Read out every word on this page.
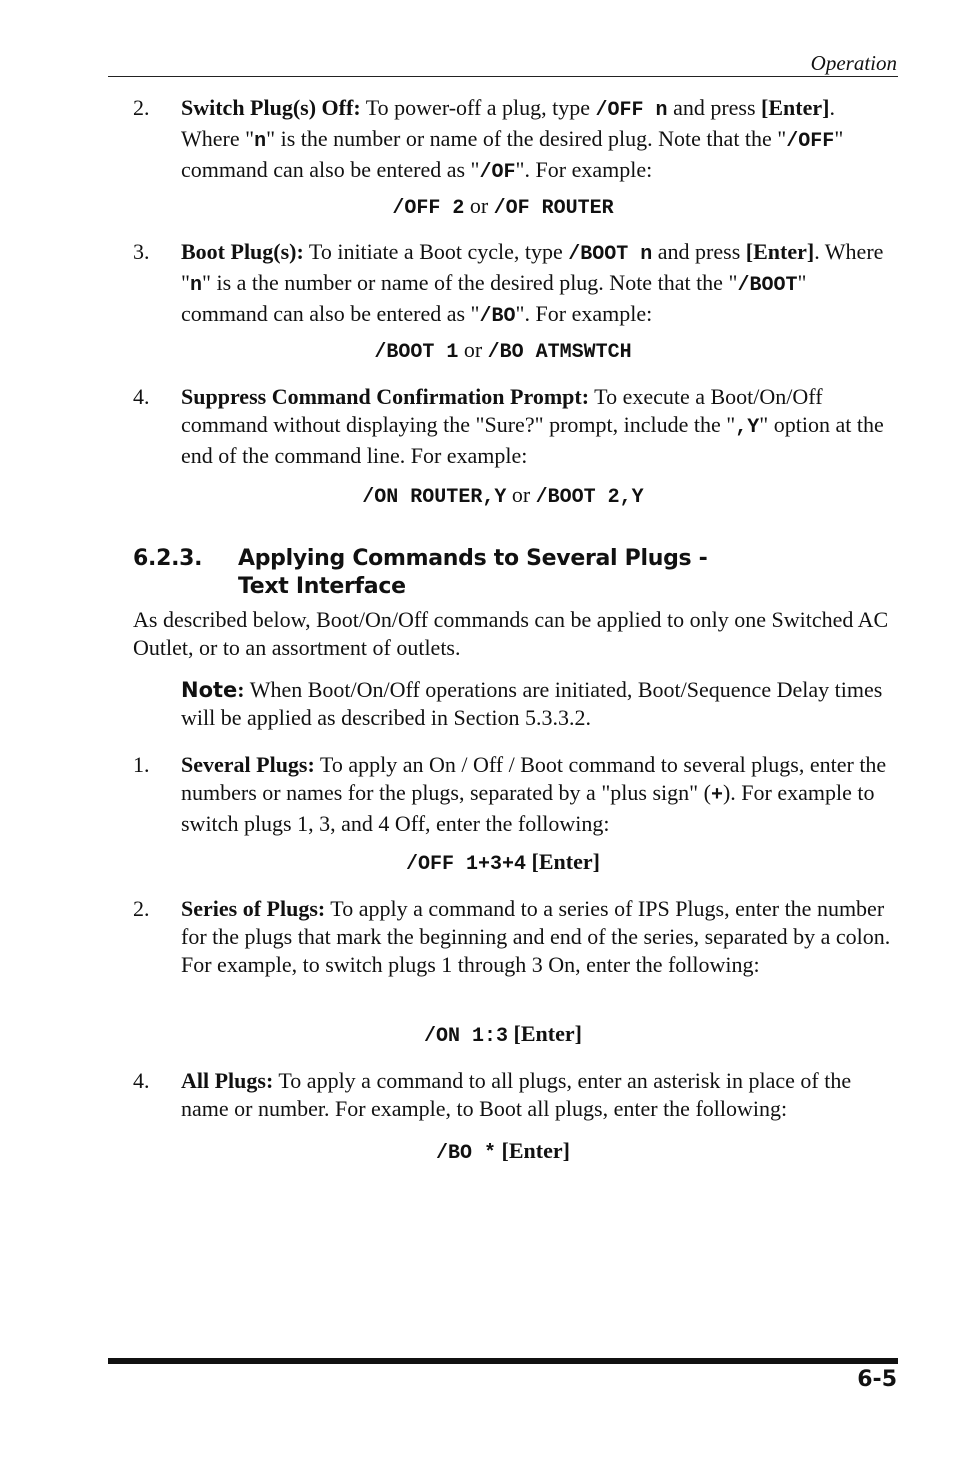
Operation
2. Switch Plug(s) Off: To power-off a plug, type /OFF n and press [Enter]. Where "n" is the number or name of the desired plug. Note that the "/OFF" command can also be entered as "/OF". For example:
/OFF 2 or /OF ROUTER
3. Boot Plug(s): To initiate a Boot cycle, type /BOOT n and press [Enter]. Where "n" is a the number or name of the desired plug. Note that the "/BOOT" command can also be entered as "/BO". For example:
/BOOT 1 or /BO ATMSWTCH
4. Suppress Command Confirmation Prompt: To execute a Boot/On/Off command without displaying the "Sure?" prompt, include the ",Y" option at the end of the command line. For example:
/ON ROUTER,Y or /BOOT 2,Y
6.2.3. Applying Commands to Several Plugs -
Text Interface
As described below, Boot/On/Off commands can be applied to only one Switched AC Outlet, or to an assortment of outlets.
Note: When Boot/On/Off operations are initiated, Boot/Sequence Delay times will be applied as described in Section 5.3.3.2.
1. Several Plugs: To apply an On / Off / Boot command to several plugs, enter the numbers or names for the plugs, separated by a "plus sign" (+). For example to switch plugs 1, 3, and 4 Off, enter the following:
/OFF 1+3+4 [Enter]
2. Series of Plugs: To apply a command to a series of IPS Plugs, enter the number for the plugs that mark the beginning and end of the series, separated by a colon. For example, to switch plugs 1 through 3 On, enter the following:
/ON 1:3 [Enter]
4. All Plugs: To apply a command to all plugs, enter an asterisk in place of the name or number. For example, to Boot all plugs, enter the following:
/BO * [Enter]
6-5
